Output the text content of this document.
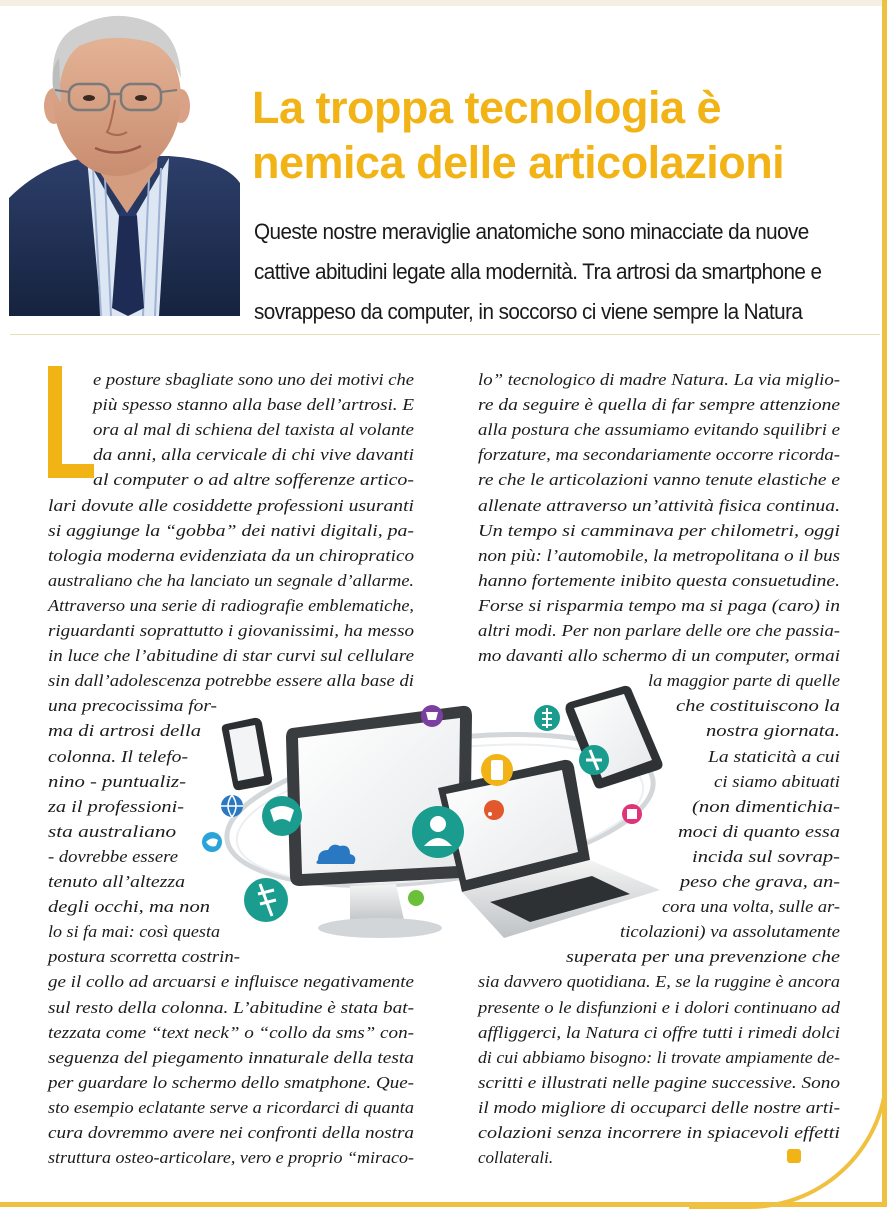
La troppa tecnologia è nemica delle articolazioni

Queste nostre meraviglie anatomiche sono minacciate da nuove cattive abitudini legate alla modernità. Tra artrosi da smartphone e sovrappeso da computer, in soccorso ci viene sempre la Natura

e posture sbagliate sono uno dei motivi che
più spesso stanno alla base dell’artrosi. E
ora al mal di schiena del taxista al volante
da anni, alla cervicale di chi vive davanti
al computer o ad altre sofferenze artico-
lari dovute alle cosiddette professioni usuranti
si aggiunge la “gobba” dei nativi digitali, pa-
tologia moderna evidenziata da un chiropratico
australiano che ha lanciato un segnale d’allarme.
Attraverso una serie di radiografie emblematiche,
riguardanti soprattutto i giovanissimi, ha messo
in luce che l’abitudine di star curvi sul cellulare
sin dall’adolescenza potrebbe essere alla base di
una precocissima for-
ma di artrosi della
colonna. Il telefo-
nino - puntualiz-
za il professioni-
sta australiano
- dovrebbe essere
tenuto all’altezza
degli occhi, ma non
lo si fa mai: così questa
postura scorretta costrin-
ge il collo ad arcuarsi e influisce negativamente
sul resto della colonna. L’abitudine è stata bat-
tezzata come “text neck” o “collo da sms” con-
seguenza del piegamento innaturale della testa
per guardare lo schermo dello smatphone. Que-
sto esempio eclatante serve a ricordarci di quanta
cura dovremmo avere nei confronti della nostra
struttura osteo-articolare, vero e proprio “miraco-
lo” tecnologico di madre Natura. La via miglio-
re da seguire è quella di far sempre attenzione
alla postura che assumiamo evitando squilibri e
forzature, ma secondariamente occorre ricorda-
re che le articolazioni vanno tenute elastiche e
allenate attraverso un’attività fisica continua.
Un tempo si camminava per chilometri, oggi
non più: l’automobile, la metropolitana o il bus
hanno fortemente inibito questa consuetudine.
Forse si risparmia tempo ma si paga (caro) in
altri modi. Per non parlare delle ore che passia-
mo davanti allo schermo di un computer, ormai
la maggior parte di quelle
che costituiscono la
nostra giornata.
La staticità a cui
ci siamo abituati
(non dimentichia-
moci di quanto essa
incida sul sovrap-
peso che grava, an-
cora una volta, sulle ar-
ticolazioni) va assolutamente
superata per una prevenzione che
sia davvero quotidiana. E, se la ruggine è ancora
presente o le disfunzioni e i dolori continuano ad
affliggerci, la Natura ci offre tutti i rimedi dolci
di cui abbiamo bisogno: li trovate ampiamente de-
scritti e illustrati nelle pagine successive. Sono
il modo migliore di occuparci delle nostre arti-
colazioni senza incorrere in spiacevoli effetti
collaterali.
